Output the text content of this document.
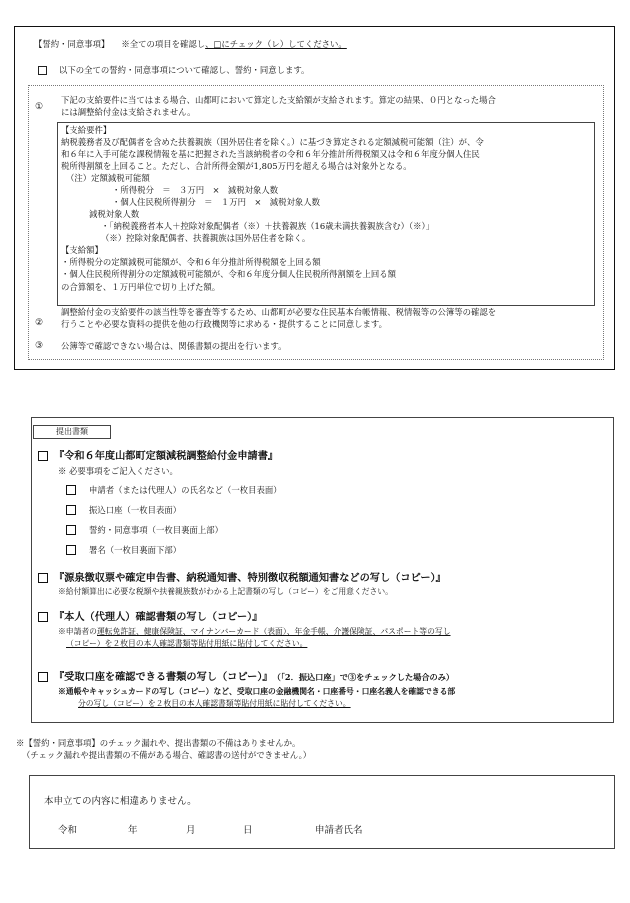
【誓約・同意事項】 ※全ての項目を確認し、□にチェック（レ）してください。
以下の全ての誓約・同意事項について確認し、誓約・同意します。
①
下記の支給要件に当てはまる場合、山都町において算定した支給額が支給されます。算定の結果、０円となった場合
には調整給付金は支給されません。
【支給要件】
納税義務者及び配偶者を含めた扶養親族（国外居住者を除く。）に基づき算定される定額減税可能額（注）が、令
和６年に入手可能な課税情報を基に把握された当該納税者の令和６年分推計所得税額又は令和６年度分個人住民
税所得割額を上回ること。ただし、合計所得金額が1,805万円を超える場合は対象外となる。
（注）定額減税可能額
・所得税分　＝　３万円　×　減税対象人数
・個人住民税所得割分　＝　１万円　×　減税対象人数
減税対象人数
・「納税義務者本人＋控除対象配偶者（※）＋扶養親族（16歳未満扶養親族含む）（※）」
（※）控除対象配偶者、扶養親族は国外居住者を除く。
【支給額】
・所得税分の定額減税可能額が、令和６年分推計所得税額を上回る額
・個人住民税所得割分の定額減税可能額が、令和６年度分個人住民税所得割額を上回る額
の合算額を、１万円単位で切り上げた額。
②
調整給付金の支給要件の該当性等を審査等するため、山都町が必要な住民基本台帳情報、税情報等の公簿等の確認を
行うことや必要な資料の提供を他の行政機関等に求める・提供することに同意します。
③ 公簿等で確認できない場合は、関係書類の提出を行います。
提出書類
『令和６年度山都町定額減税調整給付金申請書』
※ 必要事項をご記入ください。
申請者（または代理人）の氏名など（一枚目表面）
振込口座（一枚目表面）
誓約・同意事項（一枚目裏面上部）
署名（一枚目裏面下部）
『源泉徴収票や確定申告書、納税通知書、特別徴収税額通知書などの写し（コピー）』
※給付額算出に必要な税額や扶養親族数がわかる上記書類の写し（コピー）をご用意ください。
『本人（代理人）確認書類の写し（コピー）』
※申請者の運転免許証、健康保険証、マイナンバーカード（表面）、年金手帳、介護保険証、パスポート等の写し
（コピー）を２枚目の本人確認書類等貼付用紙に貼付してください。
『受取口座を確認できる書類の写し（コピー）』 （「2．振込口座」で③をチェックした場合のみ）
※通帳やキャッシュカードの写し（コピー）など、受取口座の金融機関名・口座番号・口座名義人を確認できる部
分の写し（コピー）を２枚目の本人確認書類等貼付用紙に貼付してください。
※【誓約・同意事項】のチェック漏れや、提出書類の不備はありませんか。
（チェック漏れや提出書類の不備がある場合、確認書の送付ができません。）
本申立ての内容に相違ありません。
令和	年	月	日	申請者氏名
